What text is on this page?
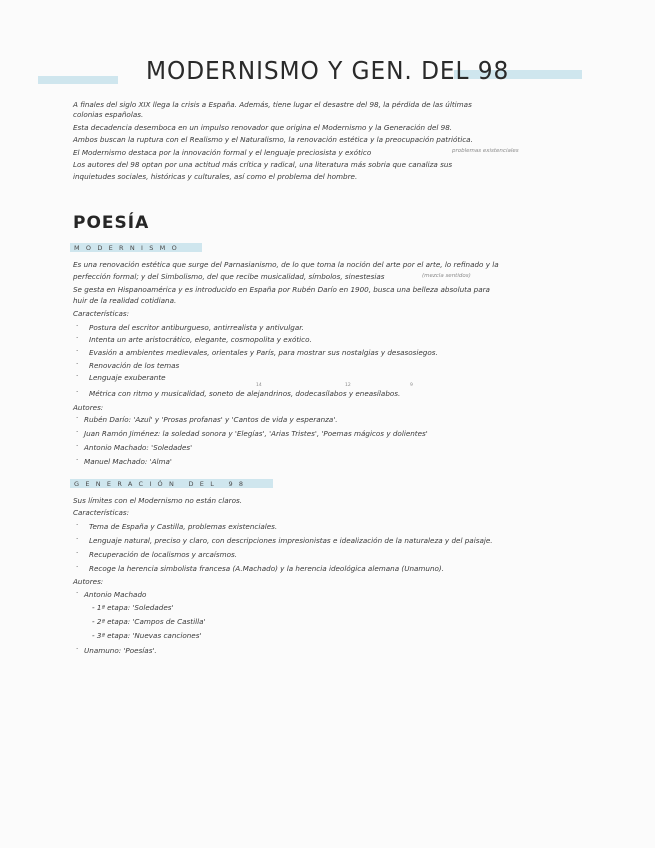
MODERNISMO Y GEN. DEL 98
A finales del siglo XIX llega la crisis a España. Además, tiene lugar el desastre del 98, la pérdida de las últimas
colonias españolas.
Esta decadencia desemboca en un impulso renovador que origina el Modernismo y la Generación del 98.
Ambos buscan la ruptura con el Realismo y el Naturalismo, la renovación estética y la preocupación patriótica.
El Modernismo destaca por la innovación formal y el lenguaje preciosista y exótico	problemas existenciales
Los autores del 98 optan por una actitud más crítica y radical, una literatura más sobria que canaliza sus
inquietudes sociales, históricas y culturales, así como el problema del hombre.
POESÍA
MODERNISMO
Es una renovación estética que surge del Parnasianismo, de lo que toma la noción del arte por el arte, lo refinado y la
perfección formal; y del Simbolismo, del que recibe musicalidad, símbolos, sinestesias	(mezcla sentidos)
Se gesta en Hispanoamérica y es introducido en España por Rubén Darío en 1900, busca una belleza absoluta para
huir de la realidad cotidiana.
Características:
· Postura del escritor antiburgueso, antirrealista y antivulgar.
· Intenta un arte aristocrático, elegante, cosmopolita y exótico.
· Evasión a ambientes medievales, orientales y París, para mostrar sus nostalgias y desasosiegos.
· Renovación de los temas
· Lenguaje exuberante
14	12	9
· Métrica con ritmo y musicalidad, soneto de alejandrinos, dodecasílabos y eneasílabos.
Autores:
· Rubén Darío: 'Azul' y 'Prosas profanas' y 'Cantos de vida y esperanza'.
· Juan Ramón Jiménez: la soledad sonora y 'Elegías', 'Arias Tristes', 'Poemas mágicos y dolientes'
· Antonio Machado: 'Soledades'
· Manuel Machado: 'Alma'
GENERACIÓN DEL 98
Sus límites con el Modernismo no están claros.
Características:
· Tema de España y Castilla, problemas existenciales.
· Lenguaje natural, preciso y claro, con descripciones impresionistas e idealización de la naturaleza y del paisaje.
· Recuperación de localismos y arcaísmos.
· Recoge la herencia simbolista francesa (A.Machado) y la herencia ideológica alemana (Unamuno).
Autores:
· Antonio Machado
- 1ª etapa: 'Soledades'
- 2ª etapa: 'Campos de Castilla'
- 3ª etapa: 'Nuevas canciones'
· Unamuno: 'Poesías'.
